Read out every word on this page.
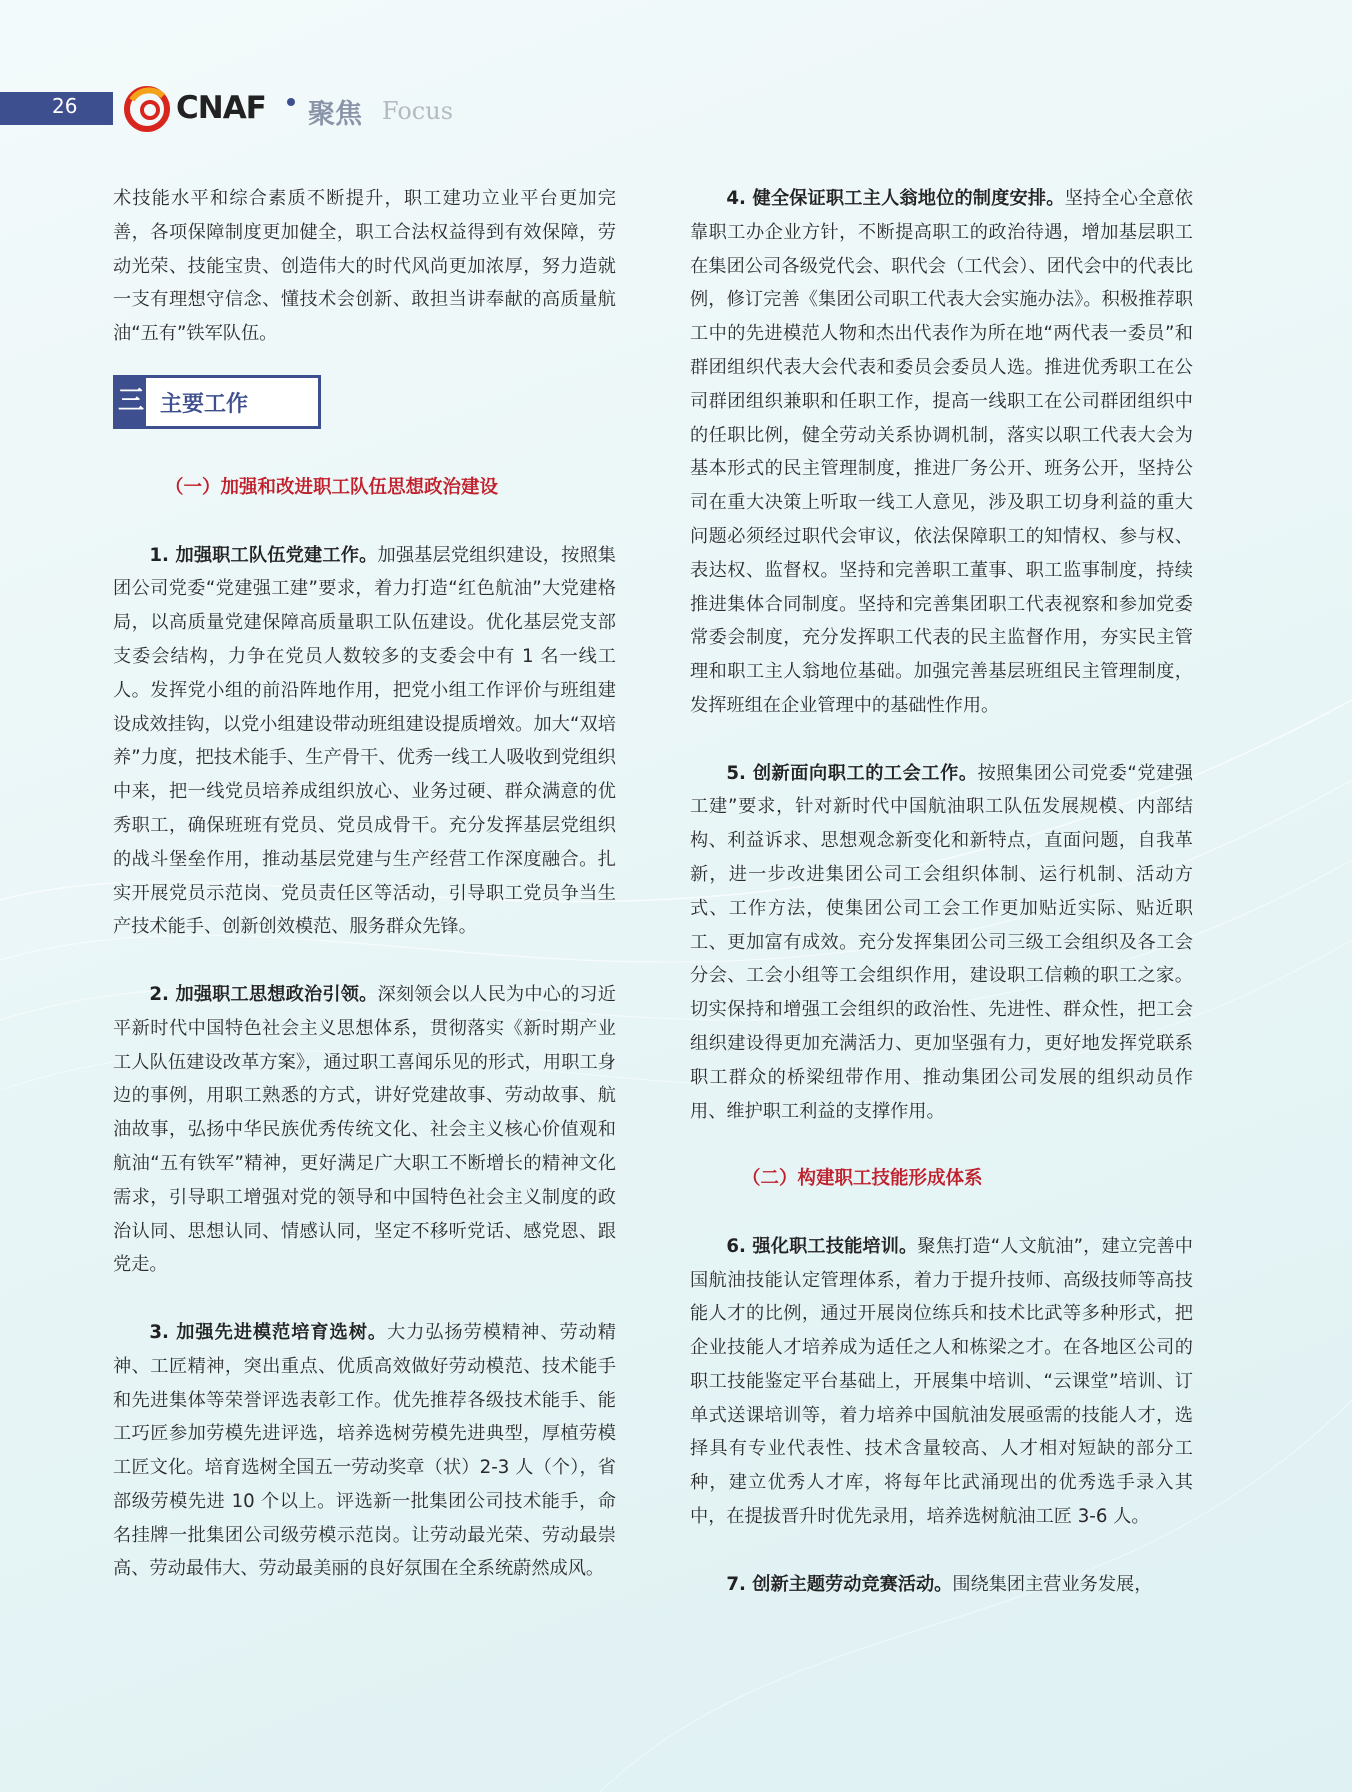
26	CNAF 聚焦 Focus

术技能水平和综合素质不断提升，职工建功立业平台更加完善，各项保障制度更加健全，职工合法权益得到有效保障，劳动光荣、技能宝贵、创造伟大的时代风尚更加浓厚，努力造就一支有理想守信念、懂技术会创新、敢担当讲奉献的高质量航油“五有”铁军队伍。

三 主要工作

（一）加强和改进职工队伍思想政治建设

1. 加强职工队伍党建工作。加强基层党组织建设，按照集团公司党委“党建强工建”要求，着力打造“红色航油”大党建格局，以高质量党建保障高质量职工队伍建设。优化基层党支部支委会结构，力争在党员人数较多的支委会中有 1 名一线工人。发挥党小组的前沿阵地作用，把党小组工作评价与班组建设成效挂钩，以党小组建设带动班组建设提质增效。加大“双培养”力度，把技术能手、生产骨干、优秀一线工人吸收到党组织中来，把一线党员培养成组织放心、业务过硬、群众满意的优秀职工，确保班班有党员、党员成骨干。充分发挥基层党组织的战斗堡垒作用，推动基层党建与生产经营工作深度融合。扎实开展党员示范岗、党员责任区等活动，引导职工党员争当生产技术能手、创新创效模范、服务群众先锋。

2. 加强职工思想政治引领。深刻领会以人民为中心的习近平新时代中国特色社会主义思想体系，贯彻落实《新时期产业工人队伍建设改革方案》，通过职工喜闻乐见的形式，用职工身边的事例，用职工熟悉的方式，讲好党建故事、劳动故事、航油故事，弘扬中华民族优秀传统文化、社会主义核心价值观和航油“五有铁军”精神，更好满足广大职工不断增长的精神文化需求，引导职工增强对党的领导和中国特色社会主义制度的政治认同、思想认同、情感认同，坚定不移听党话、感党恩、跟党走。

3. 加强先进模范培育选树。大力弘扬劳模精神、劳动精神、工匠精神，突出重点、优质高效做好劳动模范、技术能手和先进集体等荣誉评选表彰工作。优先推荐各级技术能手、能工巧匠参加劳模先进评选，培养选树劳模先进典型，厚植劳模工匠文化。培育选树全国五一劳动奖章（状）2-3 人（个），省部级劳模先进 10 个以上。评选新一批集团公司技术能手，命名挂牌一批集团公司级劳模示范岗。让劳动最光荣、劳动最崇高、劳动最伟大、劳动最美丽的良好氛围在全系统蔚然成风。

4. 健全保证职工主人翁地位的制度安排。坚持全心全意依靠职工办企业方针，不断提高职工的政治待遇，增加基层职工在集团公司各级党代会、职代会（工代会）、团代会中的代表比例，修订完善《集团公司职工代表大会实施办法》。积极推荐职工中的先进模范人物和杰出代表作为所在地“两代表一委员”和群团组织代表大会代表和委员会委员人选。推进优秀职工在公司群团组织兼职和任职工作，提高一线职工在公司群团组织中的任职比例，健全劳动关系协调机制，落实以职工代表大会为基本形式的民主管理制度，推进厂务公开、班务公开，坚持公司在重大决策上听取一线工人意见，涉及职工切身利益的重大问题必须经过职代会审议，依法保障职工的知情权、参与权、表达权、监督权。坚持和完善职工董事、职工监事制度，持续推进集体合同制度。坚持和完善集团职工代表视察和参加党委常委会制度，充分发挥职工代表的民主监督作用，夯实民主管理和职工主人翁地位基础。加强完善基层班组民主管理制度，发挥班组在企业管理中的基础性作用。

5. 创新面向职工的工会工作。按照集团公司党委“党建强工建”要求，针对新时代中国航油职工队伍发展规模、内部结构、利益诉求、思想观念新变化和新特点，直面问题，自我革新，进一步改进集团公司工会组织体制、运行机制、活动方式、工作方法，使集团公司工会工作更加贴近实际、贴近职工、更加富有成效。充分发挥集团公司三级工会组织及各工会分会、工会小组等工会组织作用，建设职工信赖的职工之家。切实保持和增强工会组织的政治性、先进性、群众性，把工会组织建设得更加充满活力、更加坚强有力，更好地发挥党联系职工群众的桥梁纽带作用、推动集团公司发展的组织动员作用、维护职工利益的支撑作用。

（二）构建职工技能形成体系

6. 强化职工技能培训。聚焦打造“人文航油”，建立完善中国航油技能认定管理体系，着力于提升技师、高级技师等高技能人才的比例，通过开展岗位练兵和技术比武等多种形式，把企业技能人才培养成为适任之人和栋梁之才。在各地区公司的职工技能鉴定平台基础上，开展集中培训、“云课堂”培训、订单式送课培训等，着力培养中国航油发展亟需的技能人才，选择具有专业代表性、技术含量较高、人才相对短缺的部分工种，建立优秀人才库，将每年比武涌现出的优秀选手录入其中，在提拔晋升时优先录用，培养选树航油工匠 3-6 人。

7. 创新主题劳动竞赛活动。围绕集团主营业务发展，
